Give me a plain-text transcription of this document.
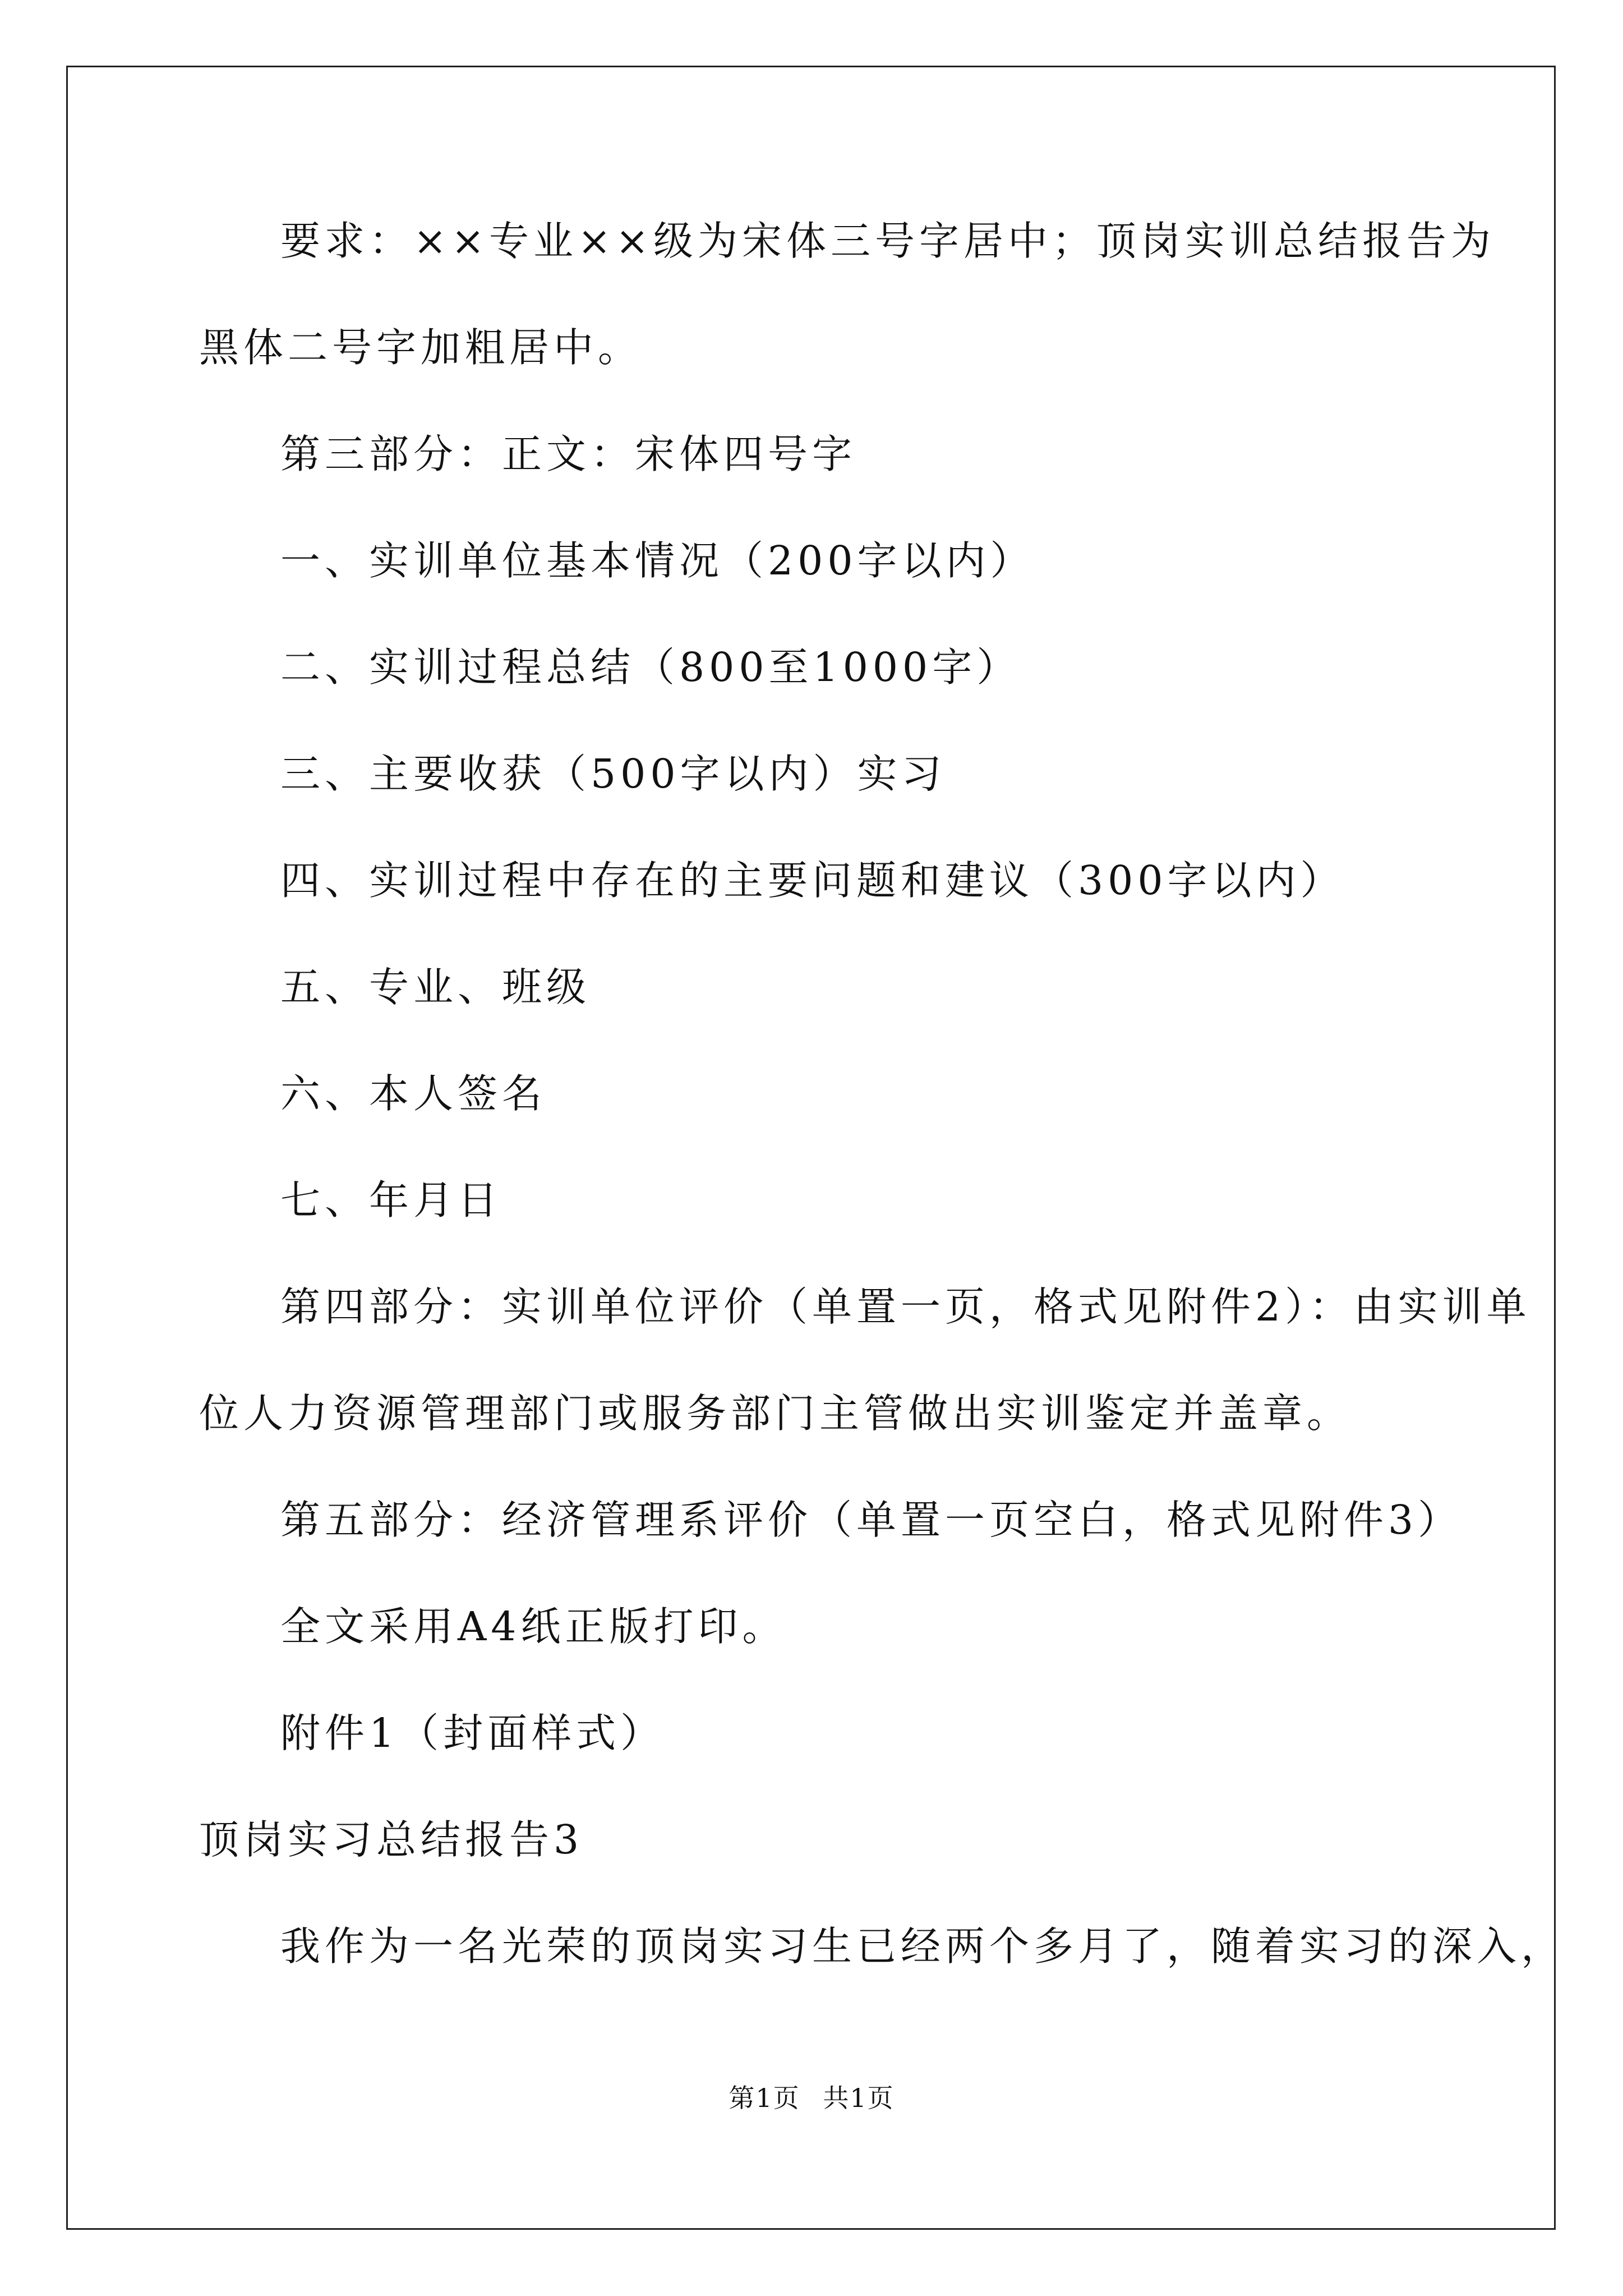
要求：××专业××级为宋体三号字居中；顶岗实训总结报告为
黑体二号字加粗居中。
第三部分：正文：宋体四号字
一、实训单位基本情况（200字以内）
二、实训过程总结（800至1000字）
三、主要收获（500字以内）实习
四、实训过程中存在的主要问题和建议（300字以内）
五、专业、班级
六、本人签名
七、年月日
第四部分：实训单位评价（单置一页，格式见附件2）：由实训单
位人力资源管理部门或服务部门主管做出实训鉴定并盖章。
第五部分：经济管理系评价（单置一页空白，格式见附件3）
全文采用A4纸正版打印。
附件1（封面样式）
顶岗实习总结报告3
我作为一名光荣的顶岗实习生已经两个多月了，随着实习的深入，
第1页 共1页
